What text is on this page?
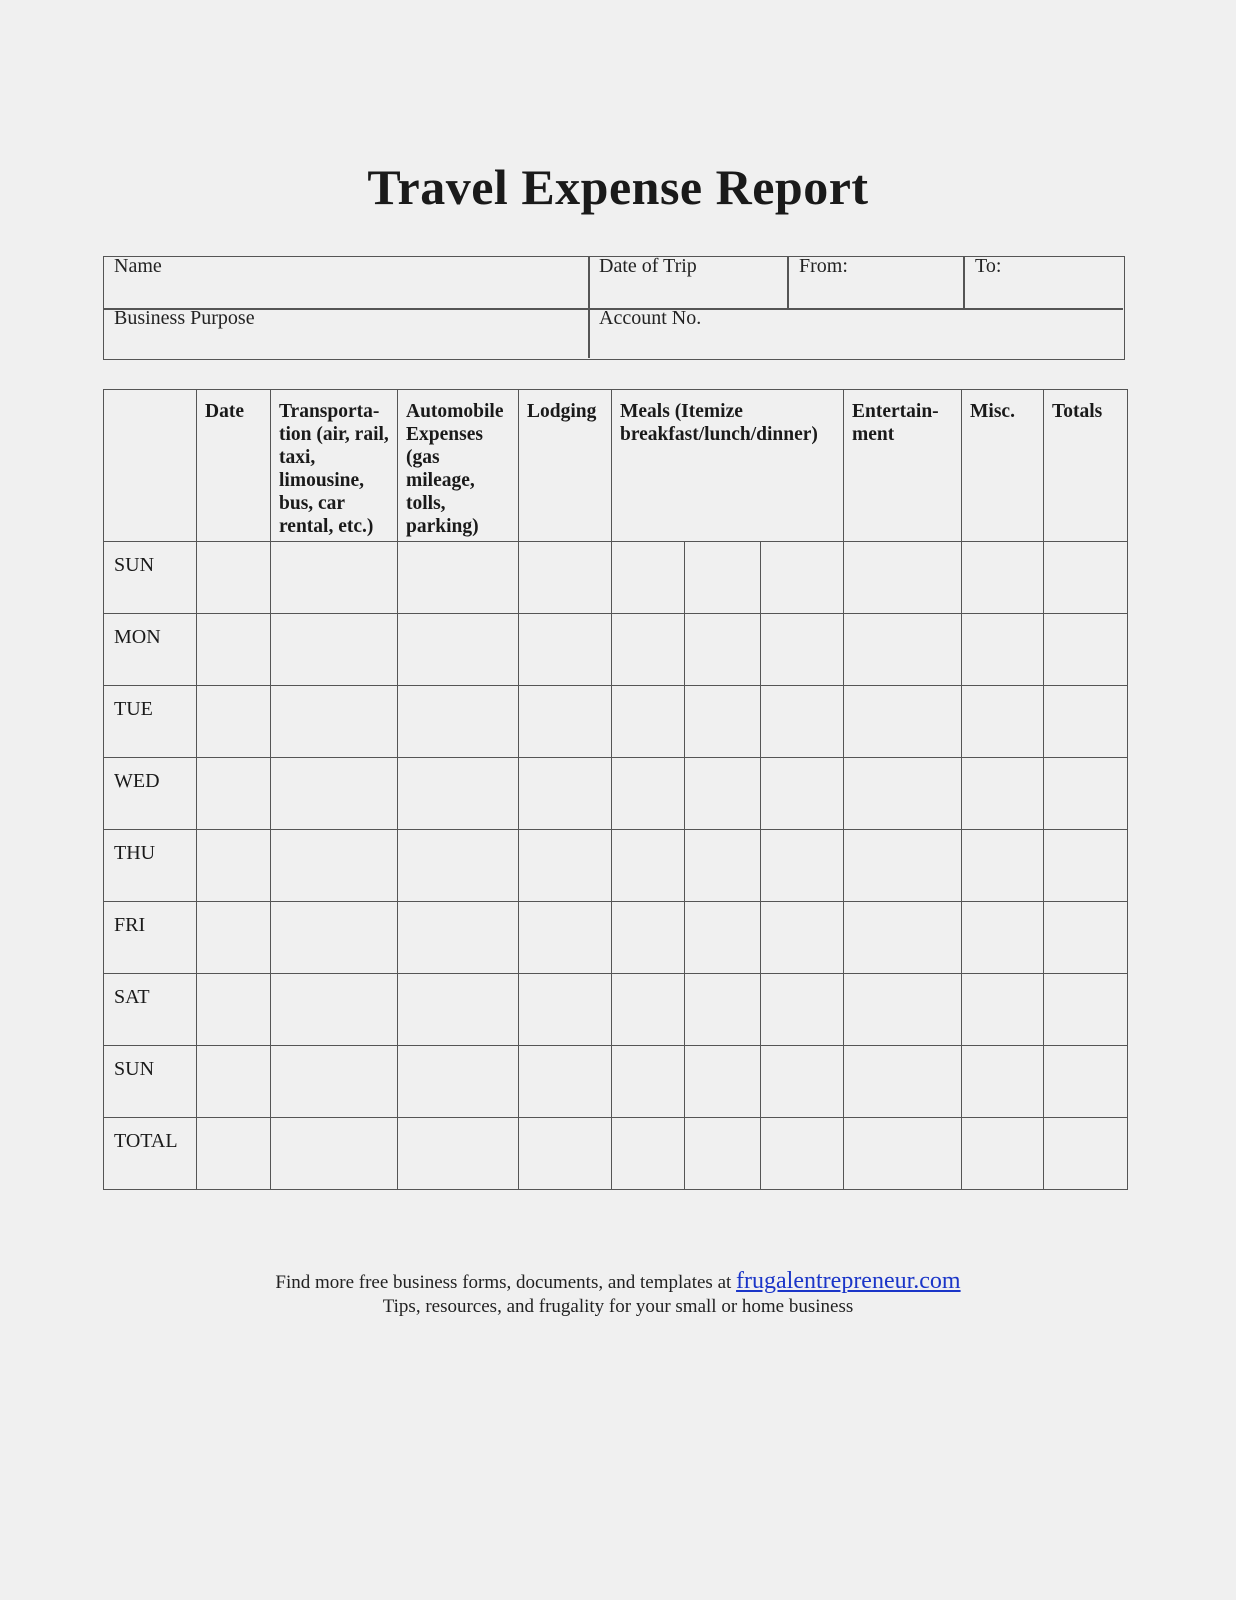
Travel Expense Report
Name	Date of Trip	From:	To:
Business Purpose	Account No.
	Date	Transporta- tion (air, rail, taxi, limousine, bus, car rental, etc.)	Automobile Expenses (gas mileage, tolls, parking)	Lodging	Meals (Itemize breakfast/lunch/dinner)			Entertain- ment	Misc.	Totals
SUN										
MON										
TUE										
WED										
THU										
FRI										
SAT										
SUN										
TOTAL										
Find more free business forms, documents, and templates at frugalentrepreneur.com
Tips, resources, and frugality for your small or home business
